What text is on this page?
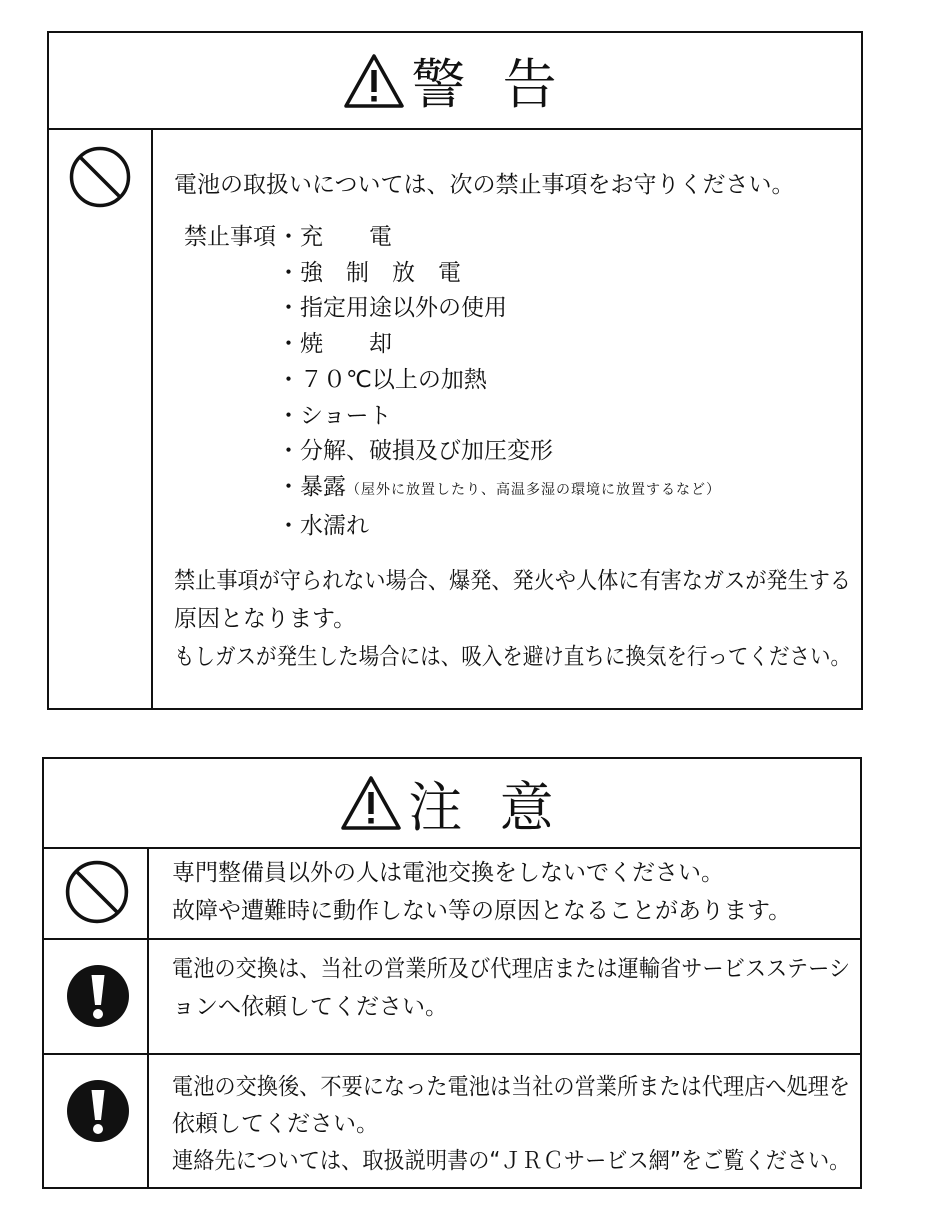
警 告
電池の取扱いについては、次の禁止事項をお守りください。
禁止事項 ・充　　電
・強　制　放　電
・指定用途以外の使用
・焼　　却
・７０℃以上の加熱
・ショート
・分解、破損及び加圧変形
・暴露（屋外に放置したり、高温多湿の環境に放置するなど）
・水濡れ
禁止事項が守られない場合、爆発、発火や人体に有害なガスが発生する
原因となります。
もしガスが発生した場合には、吸入を避け直ちに換気を行ってください。
注 意
専門整備員以外の人は電池交換をしないでください。
故障や遭難時に動作しない等の原因となることがあります。
電池の交換は、当社の営業所及び代理店または運輸省サービスステーシ
ョンへ依頼してください。
電池の交換後、不要になった電池は当社の営業所または代理店へ処理を
依頼してください。
連絡先については、取扱説明書の“ＪＲＣサービス網”をご覧ください。
